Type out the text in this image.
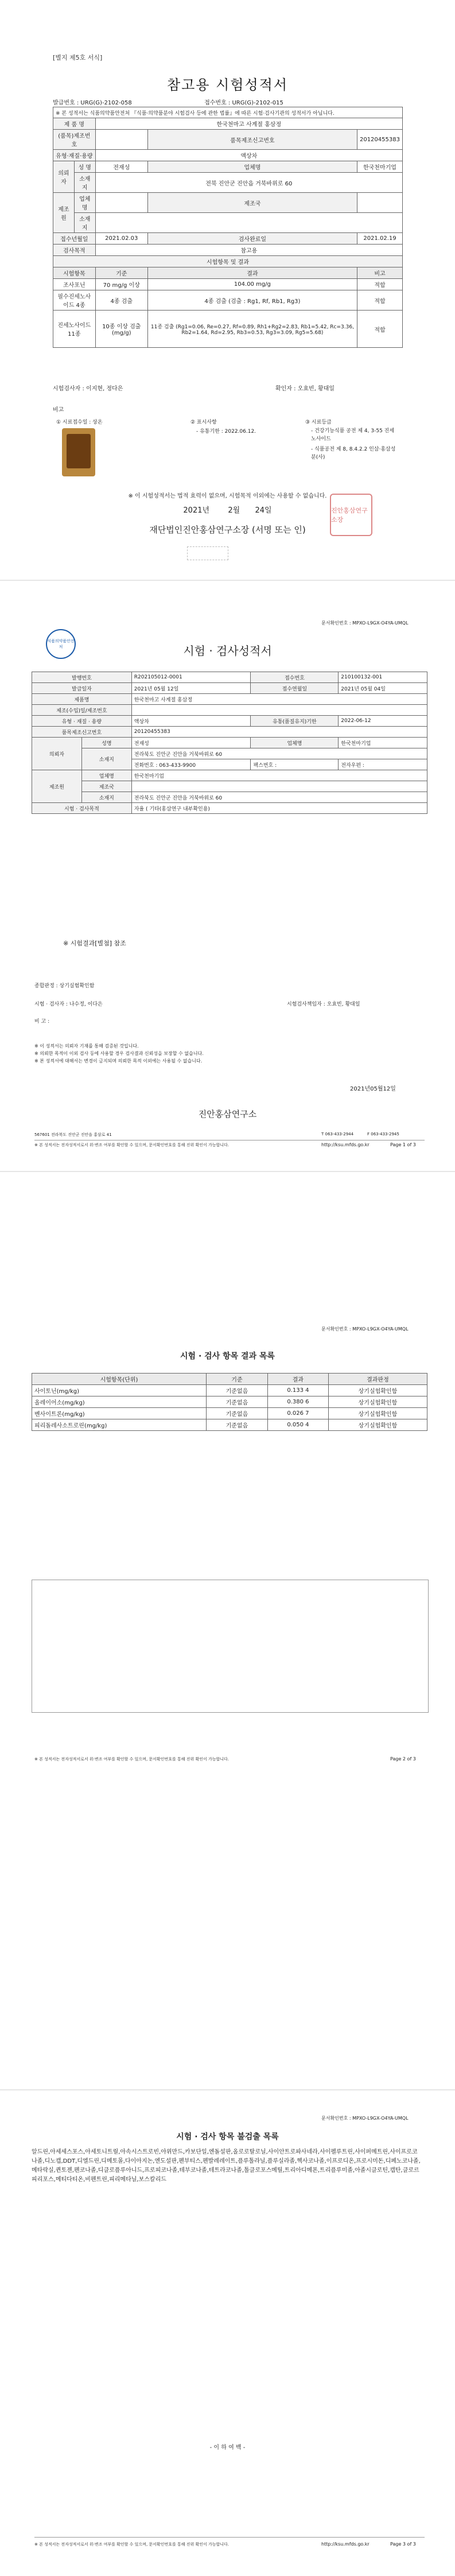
[별지 제5호 서식]
참고용 시험성적서
발급번호 : URG(G)-2102-058	접수번호 : URG(G)-2102-015
※ 본 성적서는 식품의약품안전처 『식품·의약품분야 시험검사 등에 관한 법률』에 따른 시험·검사기관의 성적서가 아닙니다.				
제 품 명		한국천마고 사계절 홍삼정		
(품목)제조번호			품목제조신고번호	20120455383
유형·재질·용량		액상차		
의뢰자	성 명	전재성	업체명	한국천마기업
	소재지	전북 진안군 진안읍 거북바위로 60		
제조원	업체명		제조국	
	소재지			
접수년월일		2021.02.03	검사완료일	2021.02.19
검사목적		참고용		
시험항목 및 결과				
시험항목		기준	결과	비고
조사포닌		70 mg/g 이상	104.00 mg/g	적합
필수진세노사이드 4종		4종 검출	4종 검출 (검출 : Rg1, Rf, Rb1, Rg3)	적합
진세노사이드 11종		10종 이상 검출 (mg/g)	11종 검출 (Rg1=0.06, Re=0.27, Rf=0.89, Rh1+Rg2=2.83, Rb1=5.42, Rc=3.36, Rb2=1.64, Rd=2.95, Rb3=0.53, Rg3=3.09, Rg5=5.68)	적합
시험검사자 : 이지현, 정다은	확인자 : 오효빈, 황대일
비고
① 시료접수일 : 상온	② 표시사항
- 유통기한 : 2022.06.12.
③ 시료등급
- 건강기능식품 공전 제 4, 3-55 진세노사이드
- 식품공전 제 8, 8.4.2.2 인삼·홍삼성분(사)
※ 이 시험성적서는 법적 효력이 없으며, 시험목적 이외에는 사용할 수 없습니다.
2021년 2월 24일
재단법인진안홍삼연구소장 (서명 또는 인)
진안홍삼연구소장
문서확인번호 : MPXO-L9GX-O4YA-UMQL
식품의약품안전처	시험 · 검사성적서
발행번호		R202105012-0001	접수번호	210100132-001
발급일자		2021년 05월 12일	접수연월일	2021년 05월 04일
제품명		한국천마고 사계절 홍삼정		
제조(수입)일/제조번호				
유형 · 재질 · 용량		액상차	유통(품질유지)기한	2022-06-12
품목제조신고번호		20120455383		
의뢰자	성명	전재성	업체명	한국천마기업
	소재지	전라북도 진안군 진안읍 거북바위로 60		
		전화번호 : 063-433-9900	팩스번호 :	전자우편 :
제조원	업체명	한국천마기업		
	제조국			
	소재지	전라북도 진안군 진안읍 거북바위로 60		
시험 · 검사목적		자율 ( 기타(홍삼연구 내부확인용)		
※ 시험결과[별첨] 참조
종합판정 : 상기실험확인함
시험 · 검사자 : 나수정, 이다은	시험검사책임자 : 오효빈, 황대일
비 고 :
※ 이 성적서는 의뢰자 기재를 통해 검증된 것입니다.
※ 의뢰한 목적이 이외 검사 등에 사용할 경우 검사결과 신뢰성을 보장할 수 없습니다.
※ 본 성적서에 대해서는 변경이 금지되며 의뢰한 목적 이외에는 사용될 수 없습니다.
2021년05월12일
진안홍삼연구소
567601 전라북도 진안군 진안읍 홍삼로 41	T 063-433-2944	F 063-433-2945
※ 본 성적서는 전자성적서로서 위·변조 여부를 확인할 수 있으며, 문서확인번호를 통해 진위 확인이 가능합니다.	http://ksu.mfds.go.kr	Page 1 of 3
문서확인번호 : MPXO-L9GX-O4YA-UMQL
시험 · 검사 항목 결과 목록
시험항목(단위)	기준	결과	결과판정
사이토닌(mg/kg)	기준없음	0.133 4	상기실험확인함
올레이어소(mg/kg)	기준없음	0.380 6	상기실험확인함
벤사이트론(mg/kg)	기준없음	0.026 7	상기실험확인함
피리돌레사소트로린(mg/kg)	기준없음	0.050 4	상기실험확인함
※ 본 성적서는 전자성적서로서 위·변조 여부를 확인할 수 있으며, 문서확인번호를 통해 진위 확인이 가능합니다.	Page 2 of 3
문서확인번호 : MPXO-L9GX-O4YA-UMQL
시험 · 검사 항목 불검출 목록
알드린,아세세스포스,아세토니트릴,아속시스트로빈,아위만드,카보단일,엔돌설판,올로로탈로닐,사이안트로파사네라,사이펠루트린,사이퍼메트린,사이프로코나졸,디노캡,DDT,디엘드린,디메토몰,다이아지논,엔도설판,펜부티스,펜발레레이트,플루톨라닐,플루실라졸,헥사코나졸,이프로디온,프로시미돈,디페노코나졸,메타락실,퀸토젠,펜코나졸,디클로플루아니드,프로피코나졸,테부코나졸,테트라코나졸,톨클로포스메틸,트리아디메폰,트리플루미졸,아졸시클로틴,캡탄,클로르피리포스,메티다티온,비펜트린,피리메타닐,보스칼리드
- 이 하 여 백 -
※ 본 성적서는 전자성적서로서 위·변조 여부를 확인할 수 있으며, 문서확인번호를 통해 진위 확인이 가능합니다.	http://ksu.mfds.go.kr	Page 3 of 3
